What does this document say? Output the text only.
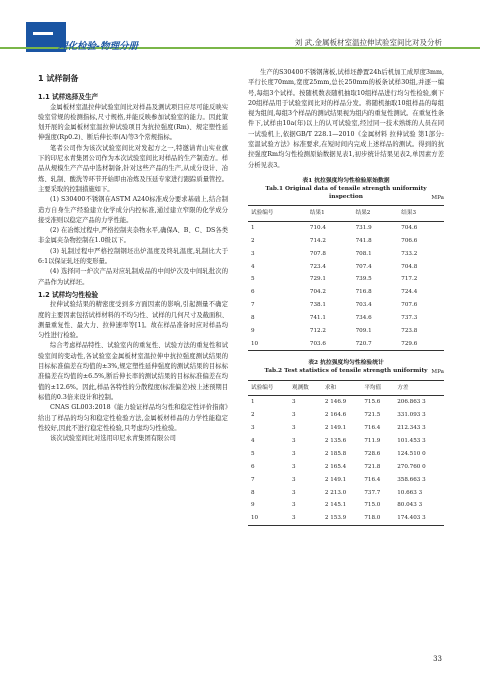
理化检验-物理分册	刘 武,金属板材室温拉伸试验室间比对及分析
1 试样制备
1.1 试样选择及生产

金属板材室温拉伸试验室间比对样品及测试项目应尽可能反映实验室常规的检测指标,尺寸规格,并能反映参加试验室的能力。因此策划开展的金属板材室温拉伸试验项目为抗拉强度(Rm)、规定塑性延伸强度(Rp0.2)、断后伸长率(A)等3个常规指标。

笔者公司作为该次试验室间比对发起方之一,特邀请青山实业旗下的印尼永青集团公司作为本次试验室间比对样品的生产制造方。样品从规模生产产品中选材制备,针对这些产品的生产,从成分设计、冶炼、轧制、酸洗等环节开始即由冶炼及压延专家进行跟踪质量管控。主要采取的控制措施如下。

(1) S30400不锈钢在ASTM A240标准成分要求基础上,结合制造方自身生产经验建立化学成分内控标准,通过建立窄限的化学成分接受准则以稳定产品的力学性能。

(2) 在冶炼过程中,严格控制夹杂物水平,确保A、B、C、DS各类非金属夹杂物控制在1.0级以下。

(3) 轧制过程中严格控制钢坯出炉温度及终轧温度,轧制比大于6:1以保证轧坯的变形量。

(4) 选择同一炉次产品对应轧制成品的中间炉次及中间轧批次的产品作为试样坯。

1.2 试样均匀性检验

拉伸试验结果的精密度受到多方面因素的影响,引起测量不确定度的主要因素包括试样材料的不均匀性、试样的几何尺寸及截面积、测量重复性、最大力、拉伸速率等[1]。故在样品准备时应对样品均匀性进行检验。

综合考虑样品特性、试验室内的重复性、试验方法的重复性和试验室间的变动性,各试验室金属板材室温拉伸中抗拉强度测试结果的目标标准偏差在均值的±3%,规定塑性延伸强度的测试结果的目标标准偏差在均值的±6.5%,断后伸长率的测试结果的目标标准偏差在均值的±12.6%。因此,样品各特性的分散程度(标准偏差)按上述预期目标值的0.3倍来设计和控制。

CNAS GL003:2018《能力验证样品均匀性和稳定性评价指南》给出了样品的均匀和稳定性检验方法,金属板材样品的力学性能稳定性较好,因此不进行稳定性检验,只考虑均匀性检验。

该次试验室间比对选用印尼永青集团有限公司

生产的S30400不锈钢薄板,试样坯静置24h后机加工成厚度3mm,平行长度70mm,宽度25mm,总长250mm的板条试样30组,并逐一编号,每组3个试样。按随机数表随机抽取10组样品进行均匀性检验,剩下20组样品用于试验室间比对的样品分发。将随机抽取10组样品的每组视为组间,每组3个样品的测试结果视为组内的重复性测试。在重复性条件下,试样由10a(年)以上的认可试验室,经过同一技术熟练的人员在同一试验机上,依据GB/T 228.1—2010《金属材料 拉伸试验 第1部分:室温试验方法》标准要求,在短时间内完成上述样品的测试。得到的抗拉强度Rm均匀性检测原始数据见表1,初步统计结果见表2,单因素方差分析见表3。

表1 抗拉强度均匀性检验原始数据
Tab.1 Original data of tensile strength uniformity inspection	MPa
试验编号	结果1	结果2	结果3
1	710.4	731.9	704.6
2	714.2	741.8	706.6
3	707.8	708.1	733.2
4	723.4	707.4	704.8
5	729.1	739.5	717.2
6	704.2	716.8	724.4
7	738.1	703.4	707.6
8	741.1	734.6	737.3
9	712.2	709.1	723.8
10	703.6	720.7	729.6
表2 抗拉强度均匀性检验统计
Tab.2 Test statistics of tensile strength uniformity MPa
试验编号	观测数	求和	平均值	方差
1	3	2 146.9	715.6	206.863 3
2	3	2 164.6	721.5	331.093 3
3	3	2 149.1	716.4	212.343 3
4	3	2 135.6	711.9	101.453 3
5	3	2 185.8	728.6	124.510 0
6	3	2 165.4	721.8	270.760 0
7	3	2 149.1	716.4	358.663 3
8	3	2 213.0	737.7	10.663 3
9	3	2 145.1	715.0	80.043 3
10	3	2 153.9	718.0	174.403 3
33
